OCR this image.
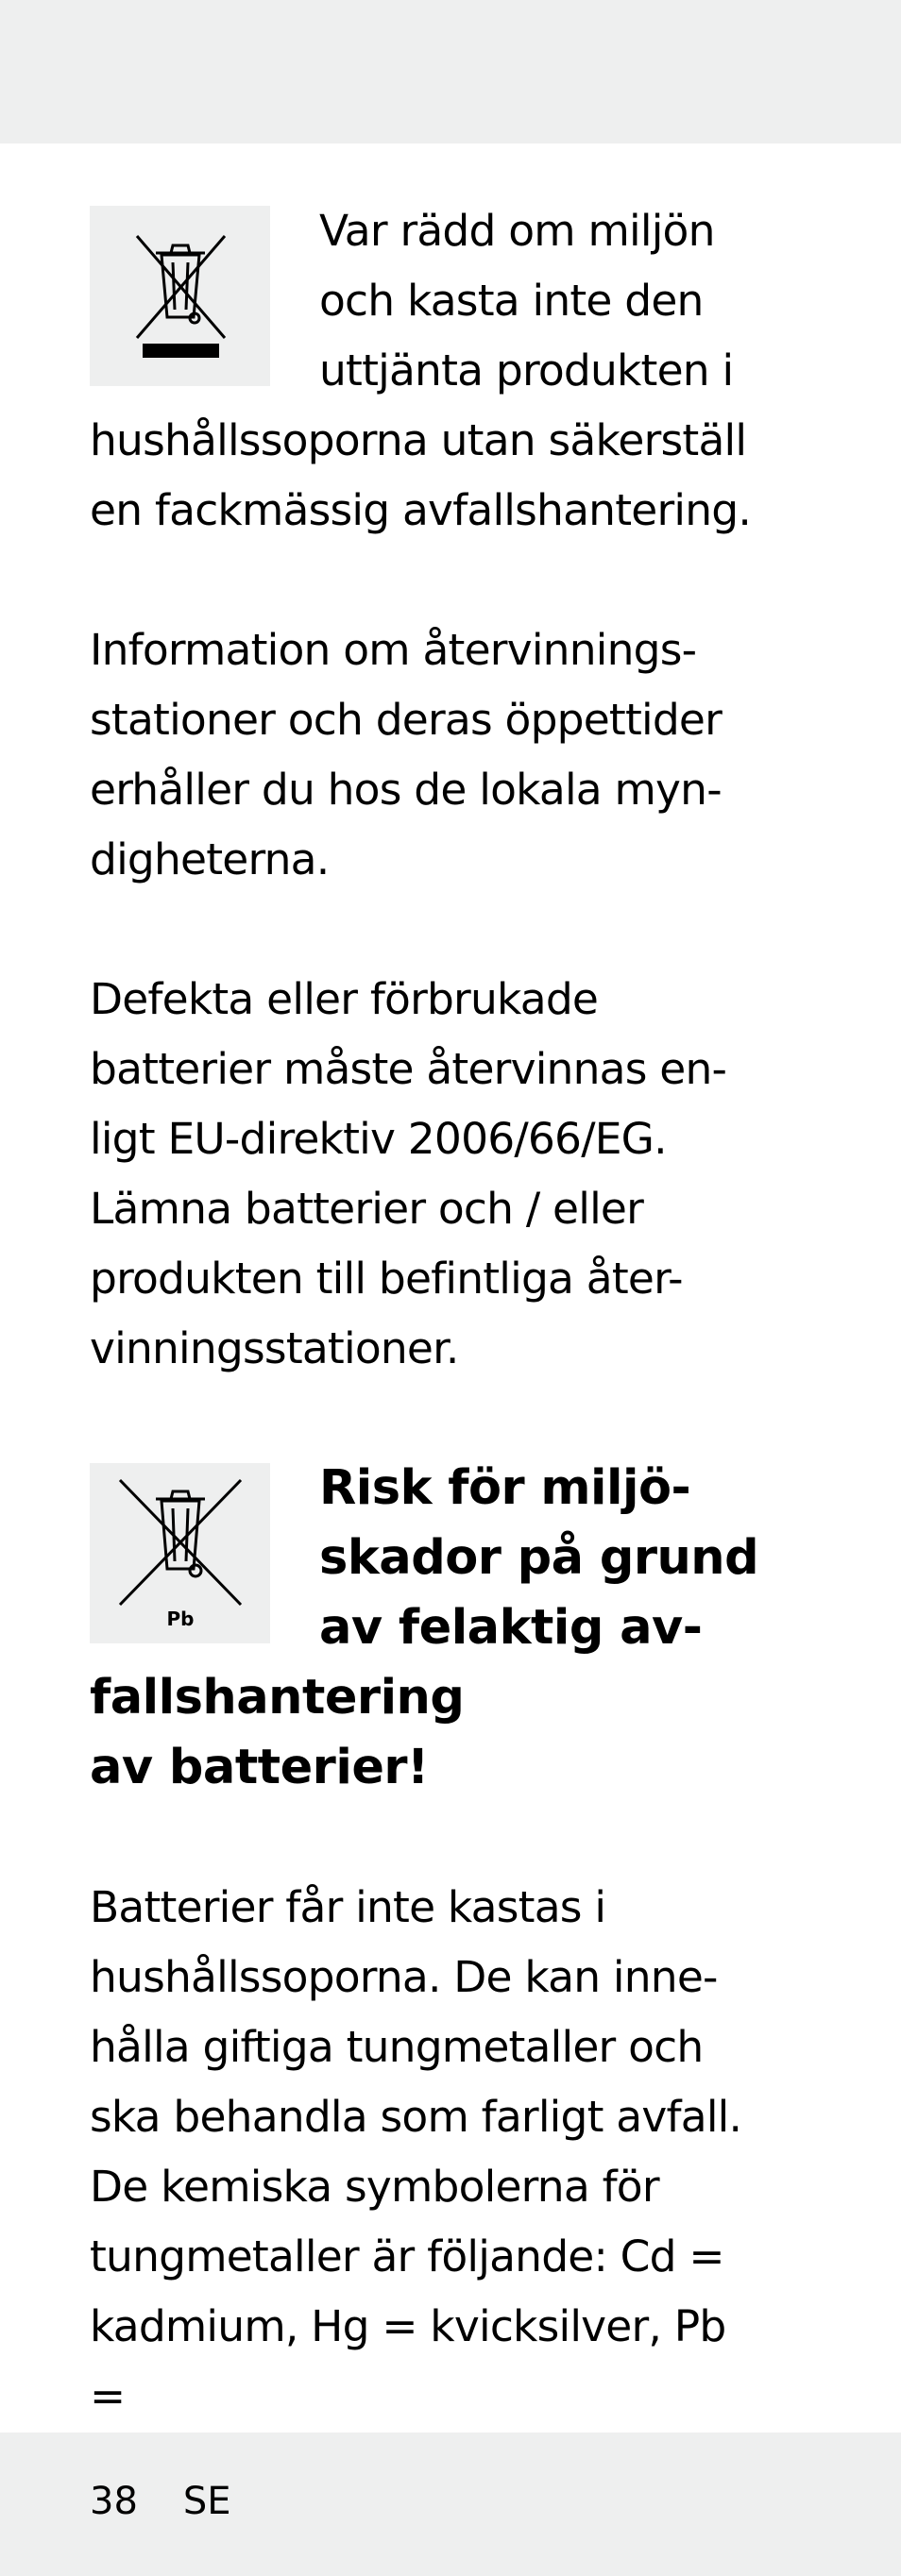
Var rädd om miljön

och kasta inte den

uttjänta produkten i

hushållssoporna utan säkerställ

en fackmässig avfallshantering.

Information om återvinnings-

stationer och deras öppettider

erhåller du hos de lokala myn-

digheterna.

Defekta eller förbrukade

batterier måste återvinnas en-

ligt EU-direktiv 2006/66/EG.

Lämna batterier och / eller

produkten till befintliga åter-

vinningsstationer.

Pb

Risk för miljö-
skador på grund
av felaktig av-
fallshantering
av batterier!

Batterier får inte kastas i

hushållssoporna. De kan inne-

hålla giftiga tungmetaller och

ska behandla som farligt avfall.

De kemiska symbolerna för

tungmetaller är följande: Cd =

kadmium, Hg = kvicksilver, Pb =

38 SE
